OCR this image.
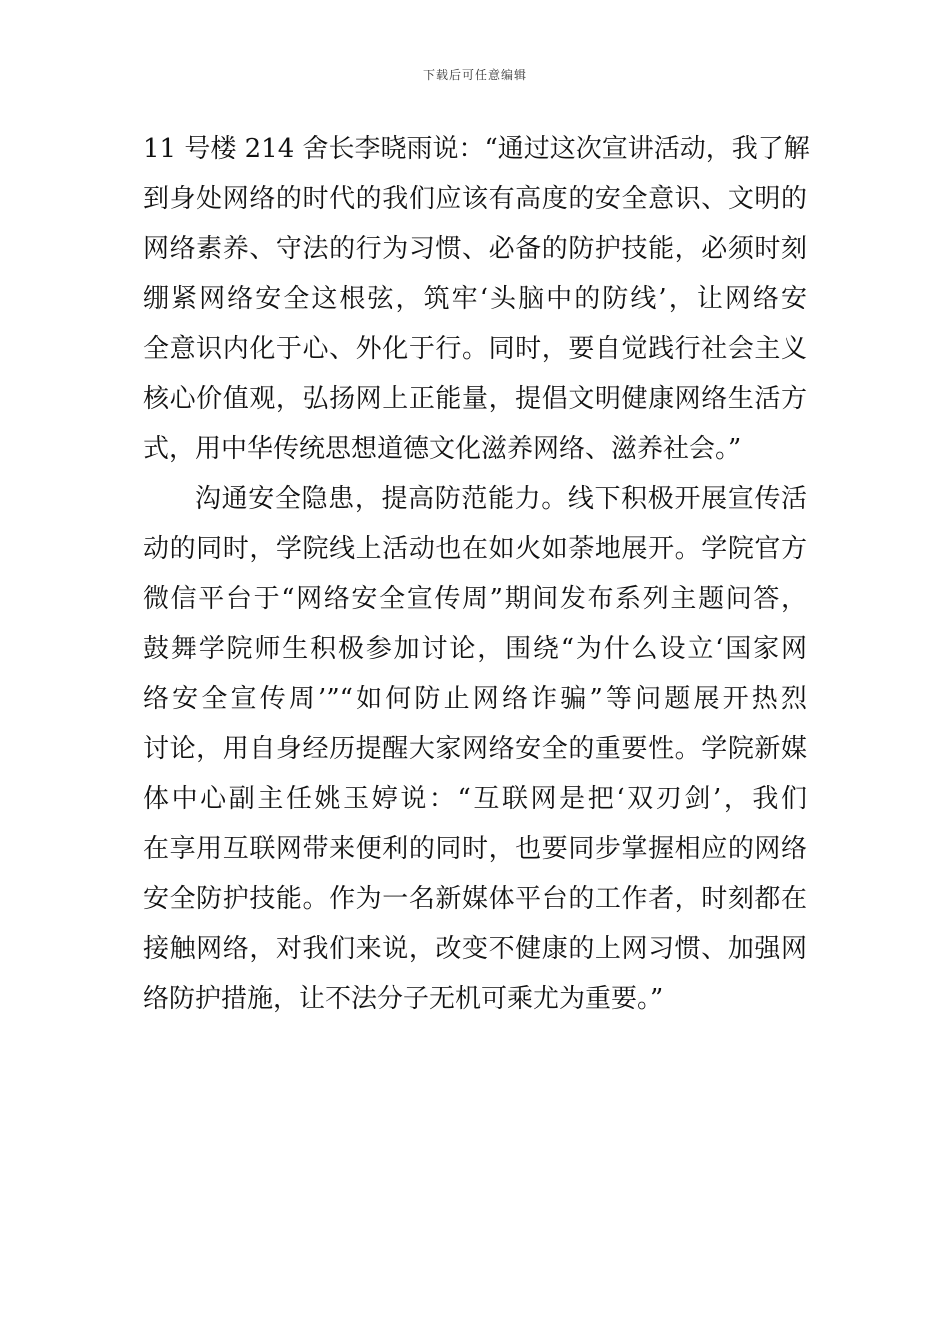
下载后可任意编辑
11 号楼 214 舍长李晓雨说：“通过这次宣讲活动，我了解
到身处网络的时代的我们应该有高度的安全意识、文明的
网络素养、守法的行为习惯、必备的防护技能，必须时刻
绷紧网络安全这根弦，筑牢‘头脑中的防线’，让网络安
全意识内化于心、外化于行。同时，要自觉践行社会主义
核心价值观，弘扬网上正能量，提倡文明健康网络生活方
式，用中华传统思想道德文化滋养网络、滋养社会。”
沟通安全隐患，提高防范能力。线下积极开展宣传活
动的同时，学院线上活动也在如火如荼地展开。学院官方
微信平台于“网络安全宣传周”期间发布系列主题问答，
鼓舞学院师生积极参加讨论，围绕“为什么设立‘国家网
络安全宣传周’”“如何防止网络诈骗”等问题展开热烈
讨论，用自身经历提醒大家网络安全的重要性。学院新媒
体中心副主任姚玉婷说：“互联网是把‘双刃剑’，我们
在享用互联网带来便利的同时，也要同步掌握相应的网络
安全防护技能。作为一名新媒体平台的工作者，时刻都在
接触网络，对我们来说，改变不健康的上网习惯、加强网
络防护措施，让不法分子无机可乘尤为重要。”
